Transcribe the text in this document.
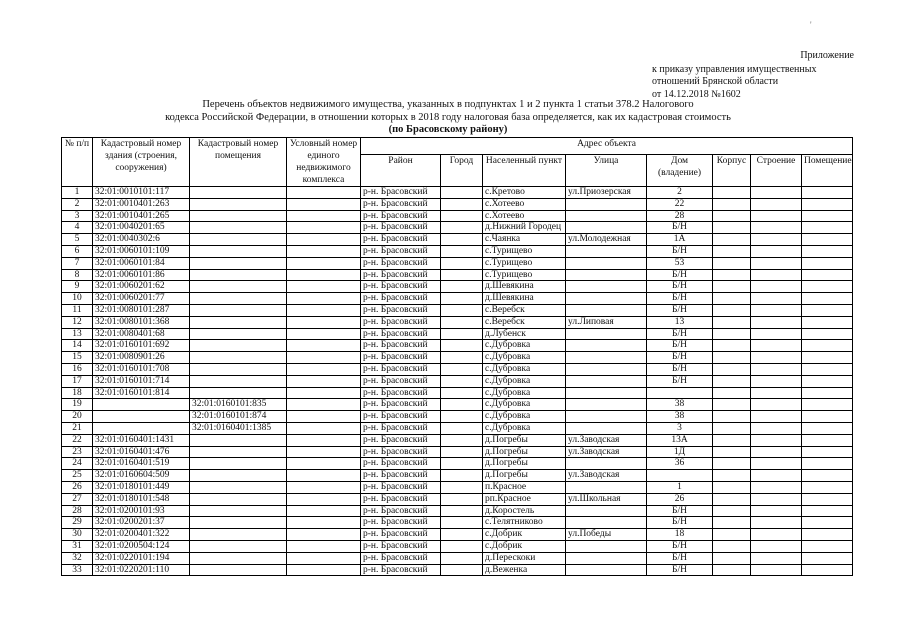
'
Приложение
к приказу управления имущественных
отношений Брянской области
от 14.12.2018 №1602
Перечень объектов недвижимого имущества, указанных в подпунктах 1 и 2 пункта 1 статьи 378.2 Налогового
кодекса Российской Федерации, в отношении которых в 2018 году налоговая база определяется, как их кадастровая стоимость
(по Брасовскому району)
№ п/п	Кадастровый номер здания (строения, сооружения)	Кадастровый номер помещения	Условный номер единого недвижимого комплекса	Адрес объекта							
				Район	Город	Населенный пункт	Улица	Дом (владение)	Корпус	Строение	Помещение
1	32:01:0010101:117			р-н. Брасовский		с.Кретово	ул.Приозерская	2			
2	32:01:0010401:263			р-н. Брасовский		с.Хотеево		22			
3	32:01:0010401:265			р-н. Брасовский		с.Хотеево		28			
4	32:01:0040201:65			р-н. Брасовский		д.Нижний Городец		Б/Н			
5	32:01:0040302:6			р-н. Брасовский		с.Чаянка	ул.Молодежная	1А			
6	32:01:0060101:109			р-н. Брасовский		с.Турищево		Б/Н			
7	32:01:0060101:84			р-н. Брасовский		с.Турищево		53			
8	32:01:0060101:86			р-н. Брасовский		с.Турищево		Б/Н			
9	32:01:0060201:62			р-н. Брасовский		д.Шевякина		Б/Н			
10	32:01:0060201:77			р-н. Брасовский		д.Шевякина		Б/Н			
11	32:01:0080101:287			р-н. Брасовский		с.Веребск		Б/Н			
12	32:01:0080101:368			р-н. Брасовский		с.Веребск	ул.Липовая	13			
13	32:01:0080401:68			р-н. Брасовский		д.Лубенск		Б/Н			
14	32:01:0160101:692			р-н. Брасовский		с.Дубровка		Б/Н			
15	32:01:0080901:26			р-н. Брасовский		с.Дубровка		Б/Н			
16	32:01:0160101:708			р-н. Брасовский		с.Дубровка		Б/Н			
17	32:01:0160101:714			р-н. Брасовский		с.Дубровка		Б/Н			
18	32:01:0160101:814			р-н. Брасовский		с.Дубровка					
19		32:01:0160101:835		р-н. Брасовский		с.Дубровка		38			
20		32:01:0160101:874		р-н. Брасовский		с.Дубровка		38			
21		32:01:0160401:1385		р-н. Брасовский		с.Дубровка		3			
22	32:01:0160401:1431			р-н. Брасовский		д.Погребы	ул.Заводская	13А			
23	32:01:0160401:476			р-н. Брасовский		д.Погребы	ул.Заводская	1Д			
24	32:01:0160401:519			р-н. Брасовский		д.Погребы		36			
25	32:01:0160604:509			р-н. Брасовский		д.Погребы	ул.Заводская				
26	32:01:0180101:449			р-н. Брасовский		п.Красное		1			
27	32:01:0180101:548			р-н. Брасовский		рп.Красное	ул.Школьная	26			
28	32:01:0200101:93			р-н. Брасовский		д.Коростель		Б/Н			
29	32:01:0200201:37			р-н. Брасовский		с.Телятниково		Б/Н			
30	32:01:0200401:322			р-н. Брасовский		с.Добрик	ул.Победы	18			
31	32:01:0200504:124			р-н. Брасовский		с.Добрик		Б/Н			
32	32:01:0220101:194			р-н. Брасовский		д.Перескоки		Б/Н			
33	32:01:0220201:110			р-н. Брасовский		д.Веженка		Б/Н			
